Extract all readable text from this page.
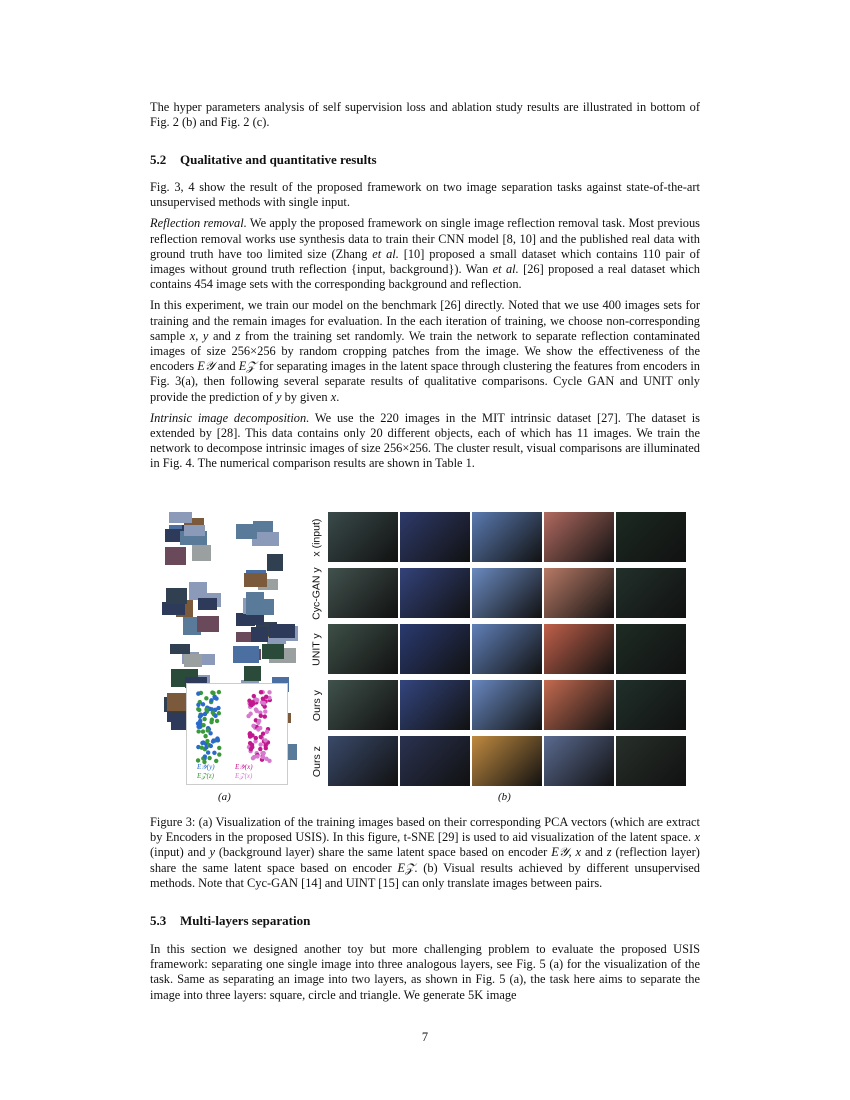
The hyper parameters analysis of self supervision loss and ablation study results are illustrated in bottom of Fig. 2 (b) and Fig. 2 (c).

5.2 Qualitative and quantitative results

Fig. 3, 4 show the result of the proposed framework on two image separation tasks against state-of-the-art unsupervised methods with single input.

Reflection removal. We apply the proposed framework on single image reflection removal task. Most previous reflection removal works use synthesis data to train their CNN model [8, 10] and the published real data with ground truth have too limited size (Zhang et al. [10] proposed a small dataset which contains 110 pair of images without ground truth reflection {input, background}). Wan et al. [26] proposed a real dataset which contains 454 image sets with the corresponding background and reflection.

In this experiment, we train our model on the benchmark [26] directly. Noted that we use 400 images sets for training and the remain images for evaluation. In the each iteration of training, we choose non-corresponding sample x, y and z from the training set randomly. We train the network to separate reflection contaminated images of size 256×256 by random cropping patches from the image. We show the effectiveness of the encoders E𝒴 and E𝒵 for separating images in the latent space through clustering the features from encoders in Fig. 3(a), then following several separate results of qualitative comparisons. Cycle GAN and UNIT only provide the prediction of y by given x.

Intrinsic image decomposition. We use the 220 images in the MIT intrinsic dataset [27]. The dataset is extended by [28]. This data contains only 20 different objects, each of which has 11 images. We train the network to decompose intrinsic images of size 256×256. The cluster result, visual comparisons are illuminated in Fig. 4. The numerical comparison results are shown in Table 1.

E𝒴(y)	E𝒴(x)
E𝒵(z)	E𝒵(x)
x (input)
Cyc-GAN y
UNIT y
Ours y
Ours z
(a)	(b)

Figure 3: (a) Visualization of the training images based on their corresponding PCA vectors (which are extract by Encoders in the proposed USIS). In this figure, t-SNE [29] is used to aid visualization of the latent space. x (input) and y (background layer) share the same latent space based on encoder E𝒴, x and z (reflection layer) share the same latent space based on encoder E𝒵. (b) Visual results achieved by different unsupervised methods. Note that Cyc-GAN [14] and UINT [15] can only translate images between pairs.

5.3 Multi-layers separation

In this section we designed another toy but more challenging problem to evaluate the proposed USIS framework: separating one single image into three analogous layers, see Fig. 5 (a) for the visualization of the task. Same as separating an image into two layers, as shown in Fig. 5 (a), the task here aims to separate the image into three layers: square, circle and triangle. We generate 5K image

7
